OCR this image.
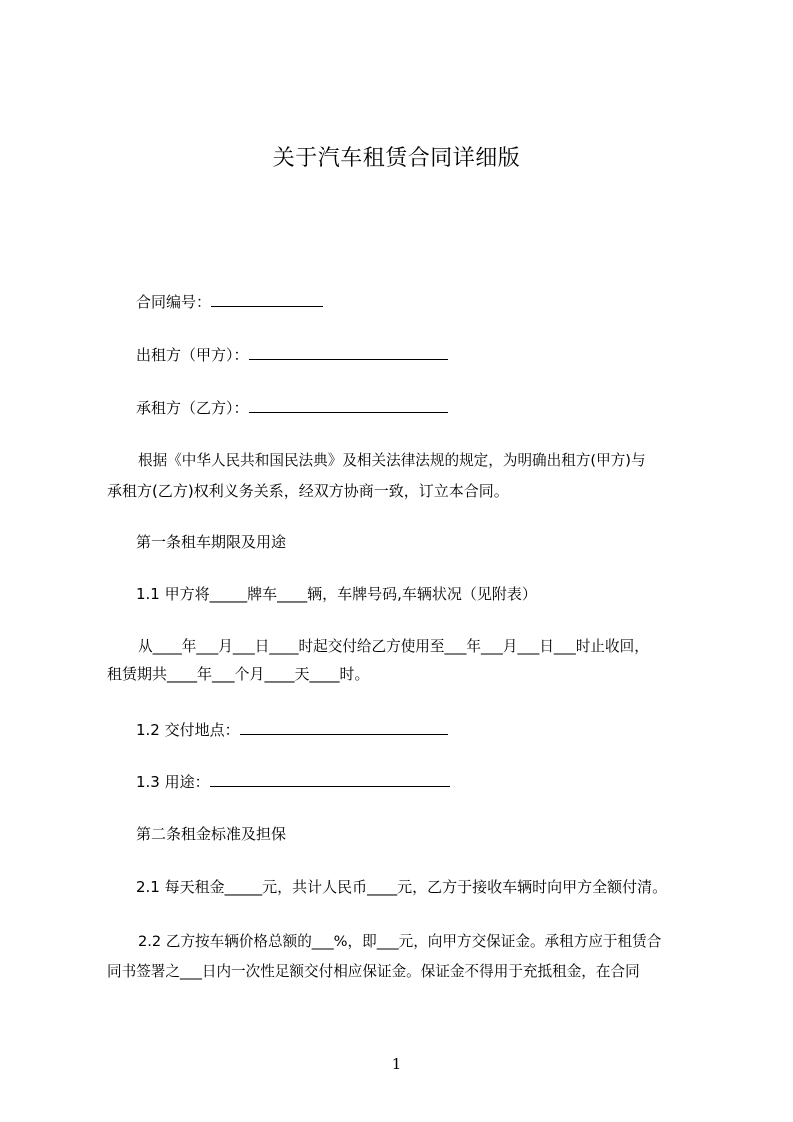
关于汽车租赁合同详细版
合同编号：
出租方（甲方）：
承租方（乙方）：
根据《中华人民共和国民法典》及相关法律法规的规定，为明确出租方(甲方)与
承租方(乙方)权利义务关系，经双方协商一致，订立本合同。
第一条租车期限及用途
1.1 甲方将_____牌车____辆，车牌号码,车辆状况（见附表）
从____年___月___日____时起交付给乙方使用至___年___月___日___时止收回，
租赁期共____年___个月____天____时。
1.2 交付地点：
1.3 用途：
第二条租金标准及担保
2.1 每天租金_____元，共计人民币____元，乙方于接收车辆时向甲方全额付清。
2.2 乙方按车辆价格总额的___%，即___元，向甲方交保证金。承租方应于租赁合
同书签署之___日内一次性足额交付相应保证金。保证金不得用于充抵租金，在合同
1
